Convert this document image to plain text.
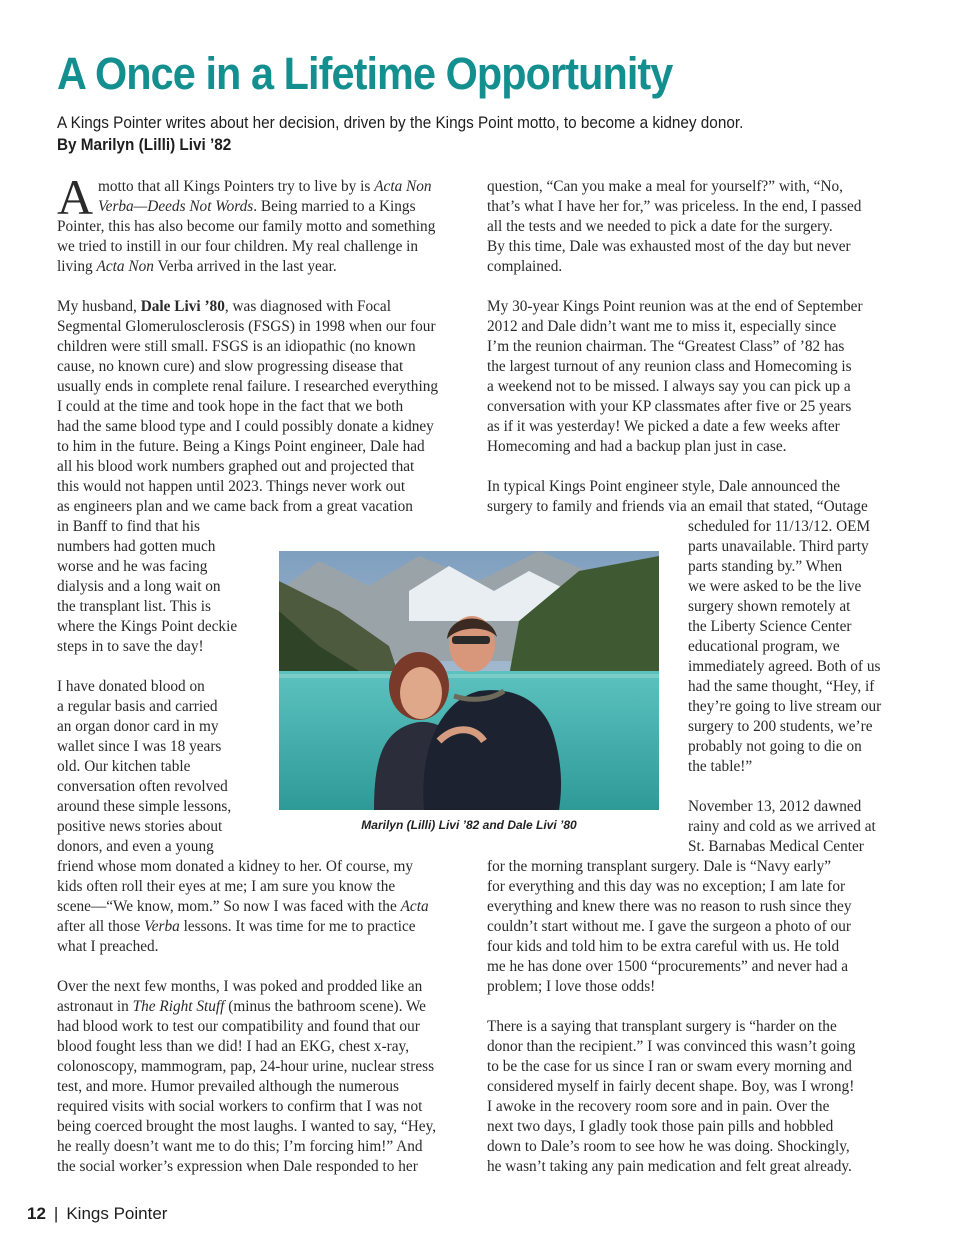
A Once in a Lifetime Opportunity

A Kings Pointer writes about her decision, driven by the Kings Point motto, to become a kidney donor.

By Marilyn (Lilli) Livi ’82

A motto that all Kings Pointers try to live by is Acta Non
Verba—Deeds Not Words. Being married to a Kings
Pointer, this has also become our family motto and something
we tried to instill in our four children. My real challenge in
living Acta Non Verba arrived in the last year.
My husband, Dale Livi ’80, was diagnosed with Focal
Segmental Glomerulosclerosis (FSGS) in 1998 when our four
children were still small. FSGS is an idiopathic (no known
cause, no known cure) and slow progressing disease that
usually ends in complete renal failure. I researched everything
I could at the time and took hope in the fact that we both
had the same blood type and I could possibly donate a kidney
to him in the future. Being a Kings Point engineer, Dale had
all his blood work numbers graphed out and projected that
this would not happen until 2023. Things never work out
as engineers plan and we came back from a great vacation
in Banff to find that his
numbers had gotten much
worse and he was facing
dialysis and a long wait on
the transplant list. This is
where the Kings Point deckie
steps in to save the day!
I have donated blood on
a regular basis and carried
an organ donor card in my
wallet since I was 18 years
old. Our kitchen table
conversation often revolved
around these simple lessons,
positive news stories about
donors, and even a young
friend whose mom donated a kidney to her. Of course, my
kids often roll their eyes at me; I am sure you know the
scene—“We know, mom.” So now I was faced with the Acta
after all those Verba lessons. It was time for me to practice
what I preached.
Over the next few months, I was poked and prodded like an
astronaut in The Right Stuff (minus the bathroom scene). We
had blood work to test our compatibility and found that our
blood fought less than we did! I had an EKG, chest x-ray,
colonoscopy, mammogram, pap, 24-hour urine, nuclear stress
test, and more. Humor prevailed although the numerous
required visits with social workers to confirm that I was not
being coerced brought the most laughs. I wanted to say, “Hey,
he really doesn’t want me to do this; I’m forcing him!” And
the social worker’s expression when Dale responded to her
question, “Can you make a meal for yourself?” with, “No,
that’s what I have her for,” was priceless. In the end, I passed
all the tests and we needed to pick a date for the surgery.
By this time, Dale was exhausted most of the day but never
complained.
My 30-year Kings Point reunion was at the end of September
2012 and Dale didn’t want me to miss it, especially since
I’m the reunion chairman. The “Greatest Class” of ’82 has
the largest turnout of any reunion class and Homecoming is
a weekend not to be missed. I always say you can pick up a
conversation with your KP classmates after five or 25 years
as if it was yesterday! We picked a date a few weeks after
Homecoming and had a backup plan just in case.
In typical Kings Point engineer style, Dale announced the
surgery to family and friends via an email that stated, “Outage
scheduled for 11/13/12. OEM
parts unavailable. Third party
parts standing by.” When
we were asked to be the live
surgery shown remotely at
the Liberty Science Center
educational program, we
immediately agreed. Both of us
had the same thought, “Hey, if
they’re going to live stream our
surgery to 200 students, we’re
probably not going to die on
the table!”
November 13, 2012 dawned
rainy and cold as we arrived at
St. Barnabas Medical Center
for the morning transplant surgery. Dale is “Navy early”
for everything and this day was no exception; I am late for
everything and knew there was no reason to rush since they
couldn’t start without me. I gave the surgeon a photo of our
four kids and told him to be extra careful with us. He told
me he has done over 1500 “procurements” and never had a
problem; I love those odds!
There is a saying that transplant surgery is “harder on the
donor than the recipient.” I was convinced this wasn’t going
to be the case for us since I ran or swam every morning and
considered myself in fairly decent shape. Boy, was I wrong!
I awoke in the recovery room sore and in pain. Over the
next two days, I gladly took those pain pills and hobbled
down to Dale’s room to see how he was doing. Shockingly,
he wasn’t taking any pain medication and felt great already.

Marilyn (Lilli) Livi ’82 and Dale Livi ’80

12 | Kings Pointer
